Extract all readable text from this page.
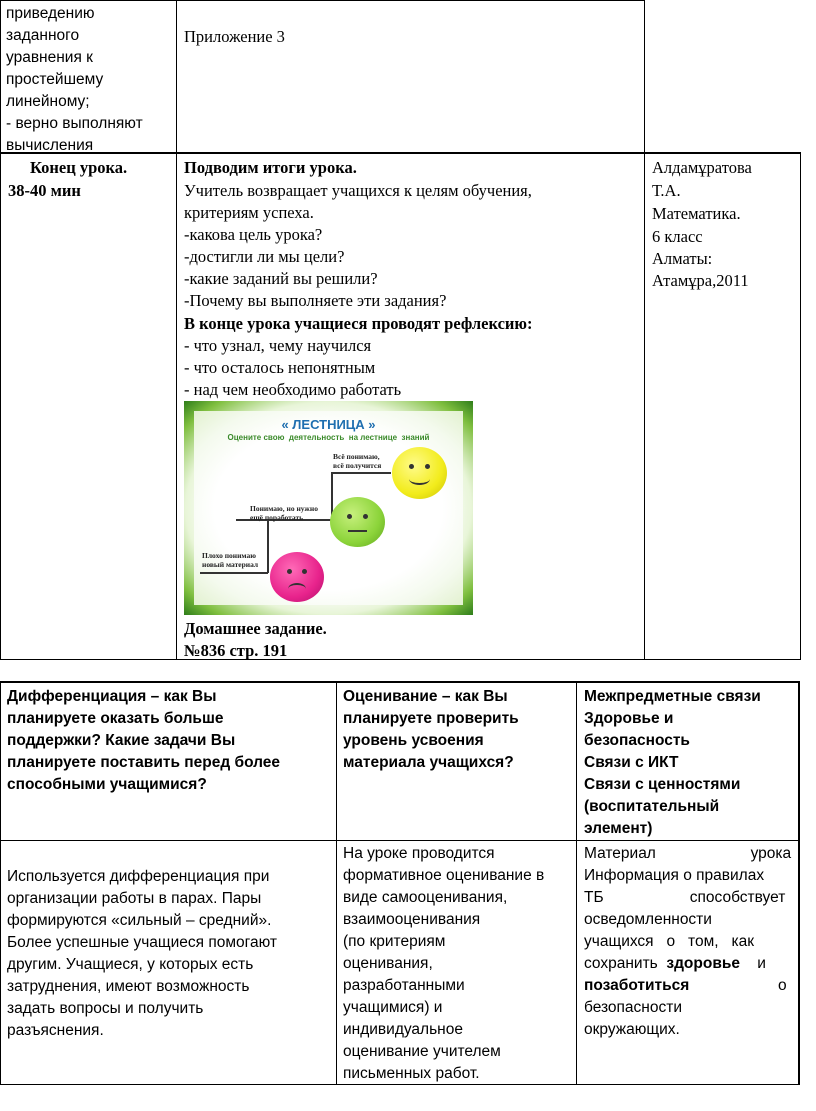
приведению
заданного
уравнения к
простейшему
линейному;
- верно выполняют
вычисления
Приложение 3
Конец урока.
38-40 мин
Подводим итоги урока.
Учитель возвращает учащихся к целям обучения,
критериям успеха.
-какова цель урока?
-достигли ли мы цели?
-какие заданий вы решили?
-Почему вы выполняете эти задания?
В конце урока учащиеся проводят рефлексию:
- что узнал, чему научился
- что осталось непонятным
- над чем необходимо работать
« ЛЕСТНИЦА »
Оцените свою  деятельность  на лестнице  знаний
Плохо понимаю
новый материал
Понимаю, но нужно
ещё поработать
Всё понимаю,
всё получится
Домашнее задание.
№836 стр. 191
Алдамұратова
Т.А.
Математика.
6 класс
Алматы:
Атамұра,2011
Дифференциация – как Вы
планируете оказать больше
поддержки? Какие задачи Вы
планируете поставить перед более
способными учащимися?
Оценивание – как Вы
планируете проверить
уровень усвоения
материала учащихся?
Межпредметные связи
Здоровье и
безопасность
Связи с ИКТ
Связи с ценностями
(воспитательный
элемент)
Используется дифференциация при
организации работы в парах. Пары
формируются «сильный – средний».
Более успешные учащиеся помогают
другим. Учащиеся, у которых есть
затруднения, имеют возможность
задать вопросы и получить
разъяснения.
На уроке проводится
формативное оценивание в
виде самооценивания,
взаимооценивания
(по критериям
оценивания,
разработанными
учащимися) и
индивидуальное
оценивание учителем
письменных работ.
Материал                      урока
Информация о правилах
ТБ                    способствует
осведомленности
учащихся   о   том,   как
сохранить  здоровье    и
позаботиться	о
безопасности
окружающих.
